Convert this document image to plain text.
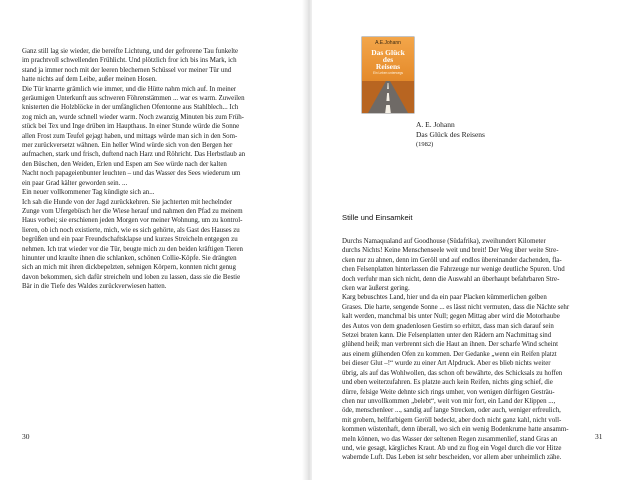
Ganz still lag sie wieder, die bereifte Lichtung, und der gefrorene Tau funkelte
im prachtvoll schwellenden Frühlicht. Und plötzlich fror ich bis ins Mark, ich
stand ja immer noch mit der leeren blechernen Schüssel vor meiner Tür und
hatte nichts auf dem Leibe, außer meinen Hosen.
Die Tür knarrte grämlich wie immer, und die Hütte nahm mich auf. In meiner
geräumigen Unterkunft aus schweren Föhrenstämmen ... war es warm. Zuweilen
knisterten die Holzblöcke in der umfänglichen Ofentonne aus Stahlblech... Ich
zog mich an, wurde schnell wieder warm. Noch zwanzig Minuten bis zum Früh-
stück bei Tex und Inge drüben im Haupthaus. In einer Stunde würde die Sonne
allen Frost zum Teufel gejagt haben, und mittags würde man sich in den Som-
mer zurückversetzt wähnen. Ein heller Wind würde sich von den Bergen her
aufmachen, stark und frisch, duftend nach Harz und Röhricht. Das Herbstlaub an
den Büschen, den Weiden, Erlen und Espen am See würde nach der kalten
Nacht noch papageienbunter leuchten – und das Wasser des Sees wiederum um
ein paar Grad kälter geworden sein. ...
Ein neuer vollkommener Tag kündigte sich an...
Ich sah die Hunde von der Jagd zurückkehren. Sie jachterten mit hechelnder
Zunge vom Ufergebüsch her die Wiese herauf und nahmen den Pfad zu meinem
Haus vorbei; sie erschienen jeden Morgen vor meiner Wohnung, um zu kontrol-
lieren, ob ich noch existierte, mich, wie es sich gehörte, als Gast des Hauses zu
begrüßen und ein paar Freundschaftsklapse und kurzes Streicheln entgegen zu
nehmen. Ich trat wieder vor die Tür, beugte mich zu den beiden kräftigen Tieren
hinunter und kraulte ihnen die schlanken, schönen Collie-Köpfe. Sie drängten
sich an mich mit ihren dickbepelzten, sehnigen Körpern, konnten nicht genug
davon bekommen, sich dafür streicheln und loben zu lassen, dass sie die Bestie
Bär in die Tiefe des Waldes zurückverwiesen hatten.
30
A.E.Johann
Das Glück
des
Reisens
Ein Leben unterwegs
A. E. Johann
Das Glück des Reisens
(1982)
Stille und Einsamkeit
Durchs Namaqualand auf Goodhouse (Südafrika), zweihundert Kilometer
durchs Nichts! Keine Menschenseele weit und breit! Der Weg über weite Stre-
cken nur zu ahnen, denn im Geröll und auf endlos übereinander dachenden, fla-
chen Felsenplatten hinterlassen die Fahrzeuge nur wenige deutliche Spuren. Und
doch verfuhr man sich nicht, denn die Auswahl an überhaupt befahrbaren Stre-
cken war äußerst gering.
Karg bebuschtes Land, hier und da ein paar Placken kümmerlichen gelben
Grases. Die harte, sengende Sonne ... es lässt nicht vermuten, dass die Nächte sehr
kalt werden, manchmal bis unter Null; gegen Mittag aber wird die Motorhaube
des Autos von dem gnadenlosen Gestirn so erhitzt, dass man sich darauf sein
Setzei braten kann. Die Felsenplatten unter den Rädern am Nachmittag sind
glühend heiß; man verbrennt sich die Haut an ihnen. Der scharfe Wind scheint
aus einem glühenden Ofen zu kommen. Der Gedanke „wenn ein Reifen platzt
bei dieser Glut –!“ wurde zu einer Art Alpdruck. Aber es blieb nichts weiter
übrig, als auf das Wohlwollen, das schon oft bewährte, des Schicksals zu hoffen
und eben weiterzufahren. Es platzte auch kein Reifen, nichts ging schief, die
dürre, felsige Weite dehnte sich rings umher, von wenigen dürftigen Gesträu-
chen nur unvollkommen „belebt“, weit von mir fort, ein Land der Klippen ...,
öde, menschenleer ..., sandig auf lange Strecken, oder auch, weniger erfreulich,
mit grobem, hellfarbigem Geröll bedeckt, aber doch nicht ganz kahl, nicht voll-
kommen wüstenhaft, denn überall, wo sich ein wenig Bodenkrume hatte ansamm-
meln können, wo das Wasser der seltenen Regen zusammenlief, stand Gras an
und, wie gesagt, kärgliches Kraut. Ab und zu flog ein Vogel durch die vor Hitze
wabernde Luft. Das Leben ist sehr bescheiden, vor allem aber unheimlich zähe.
31
